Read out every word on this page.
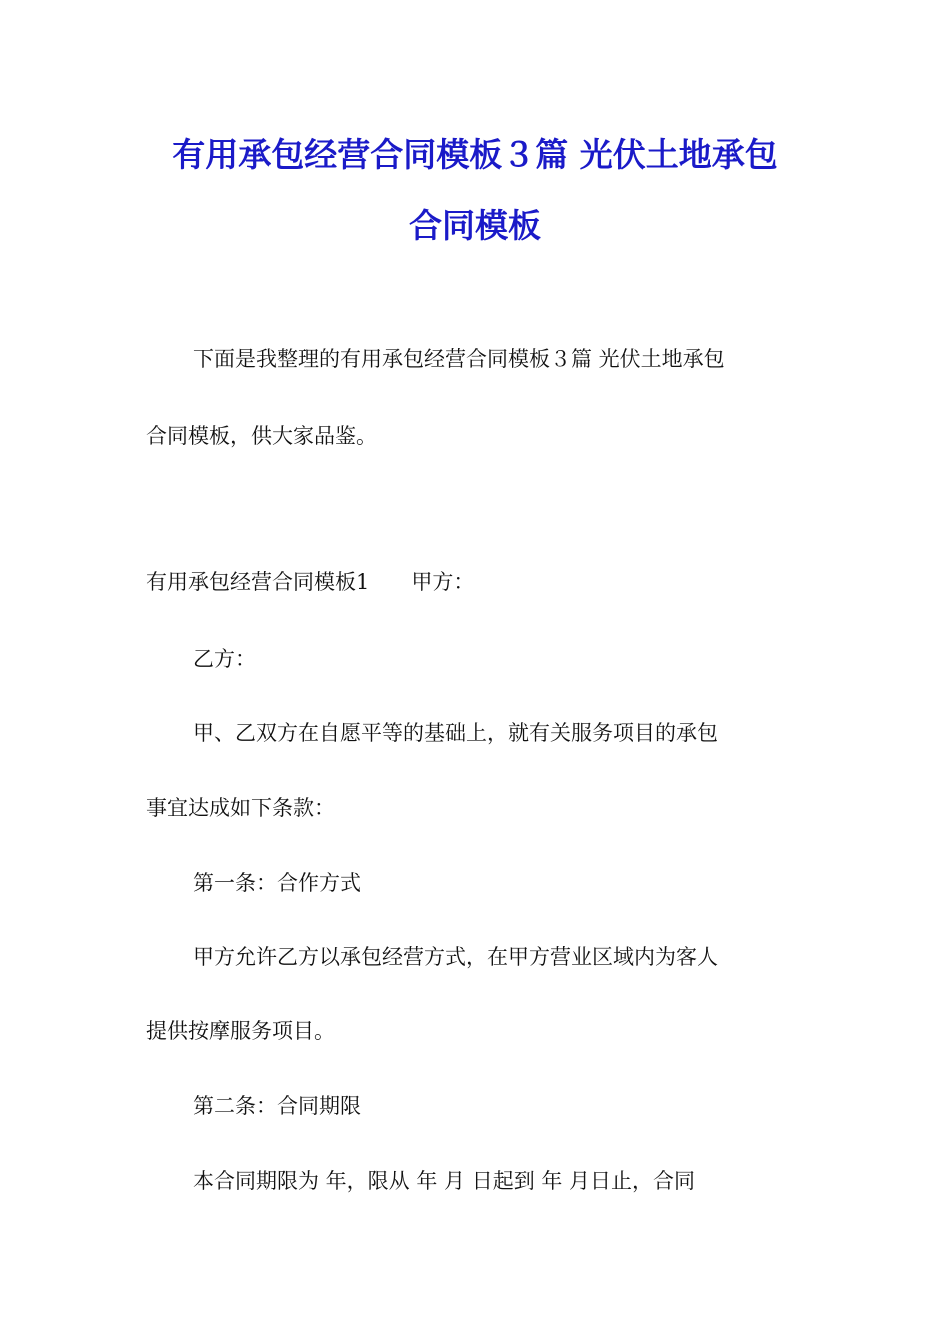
有用承包经营合同模板３篇 光伏土地承包
合同模板
下面是我整理的有用承包经营合同模板３篇 光伏土地承包
合同模板，供大家品鉴。
有用承包经营合同模板1　　甲方：
乙方：
甲、乙双方在自愿平等的基础上，就有关服务项目的承包
事宜达成如下条款：
第一条：合作方式
甲方允许乙方以承包经营方式，在甲方营业区域内为客人
提供按摩服务项目。
第二条：合同期限
本合同期限为 年，限从 年 月 日起到 年 月日止，合同
